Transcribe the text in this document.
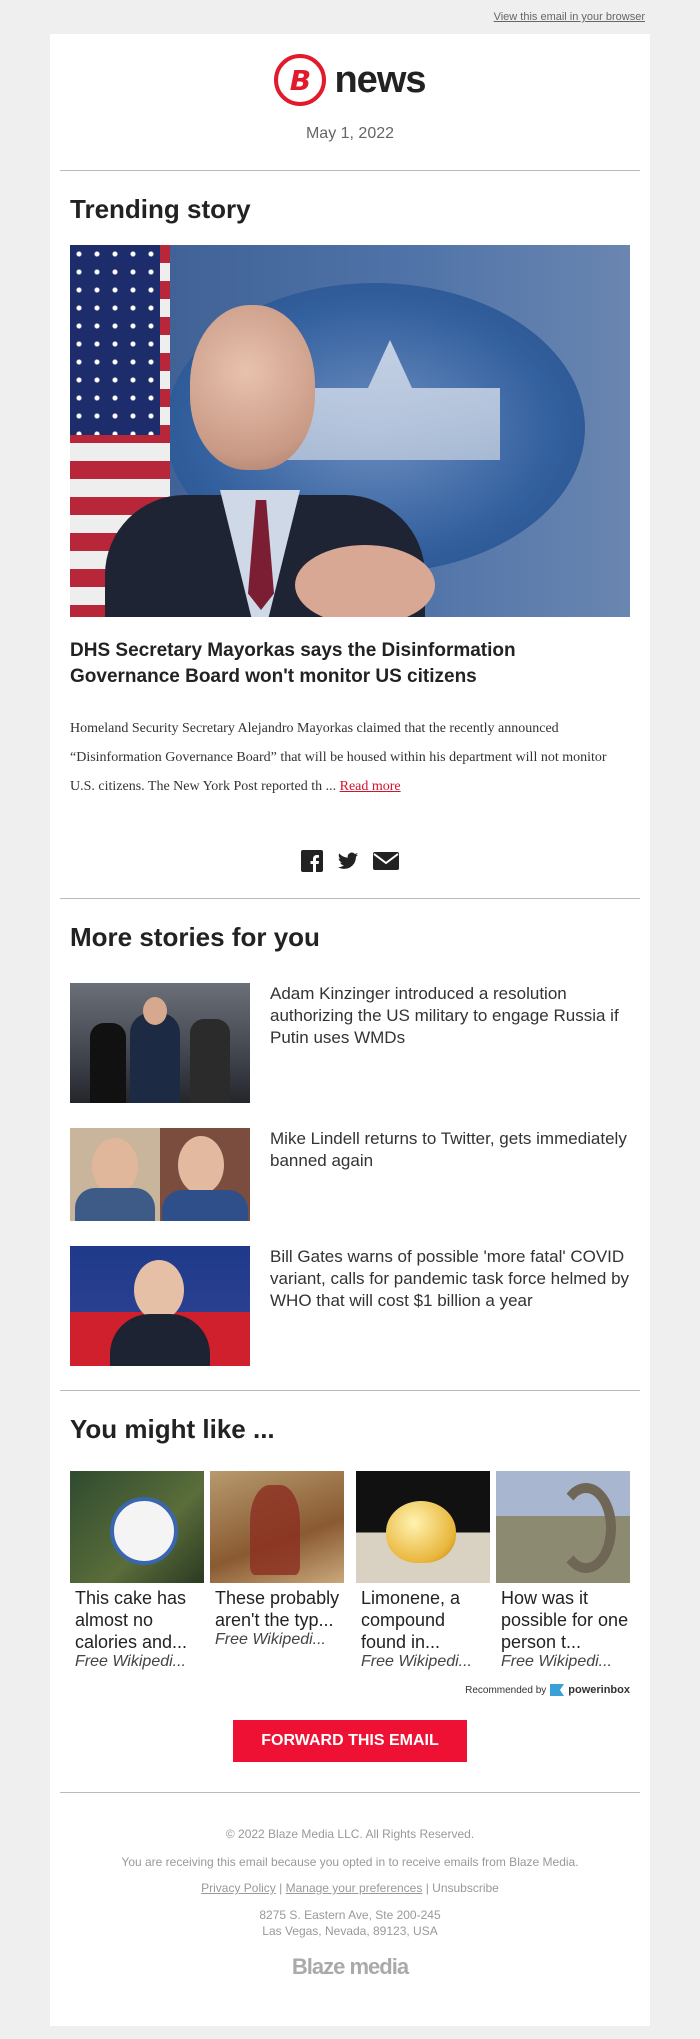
View this email in your browser
B news
May 1, 2022
Trending story
DHS Secretary Mayorkas says the Disinformation Governance Board won't monitor US citizens
Homeland Security Secretary Alejandro Mayorkas claimed that the recently announced “Disinformation Governance Board” that will be housed within his department will not monitor U.S. citizens. The New York Post reported th ... Read more
More stories for you
Adam Kinzinger introduced a resolution authorizing the US military to engage Russia if Putin uses WMDs
Mike Lindell returns to Twitter, gets immediately banned again
Bill Gates warns of possible 'more fatal' COVID variant, calls for pandemic task force helmed by WHO that will cost $1 billion a year
You might like ...
This cake has almost no calories and...
Free Wikipedi...
These probably aren't the typ...
Free Wikipedi...
Limonene, a compound found in...
Free Wikipedi...
How was it possible for one person t...
Free Wikipedi...
Recommended by powerinbox
FORWARD THIS EMAIL
© 2022 Blaze Media LLC. All Rights Reserved.
You are receiving this email because you opted in to receive emails from Blaze Media.
Privacy Policy | Manage your preferences | Unsubscribe
8275 S. Eastern Ave, Ste 200-245
Las Vegas, Nevada, 89123, USA
Blaze media
